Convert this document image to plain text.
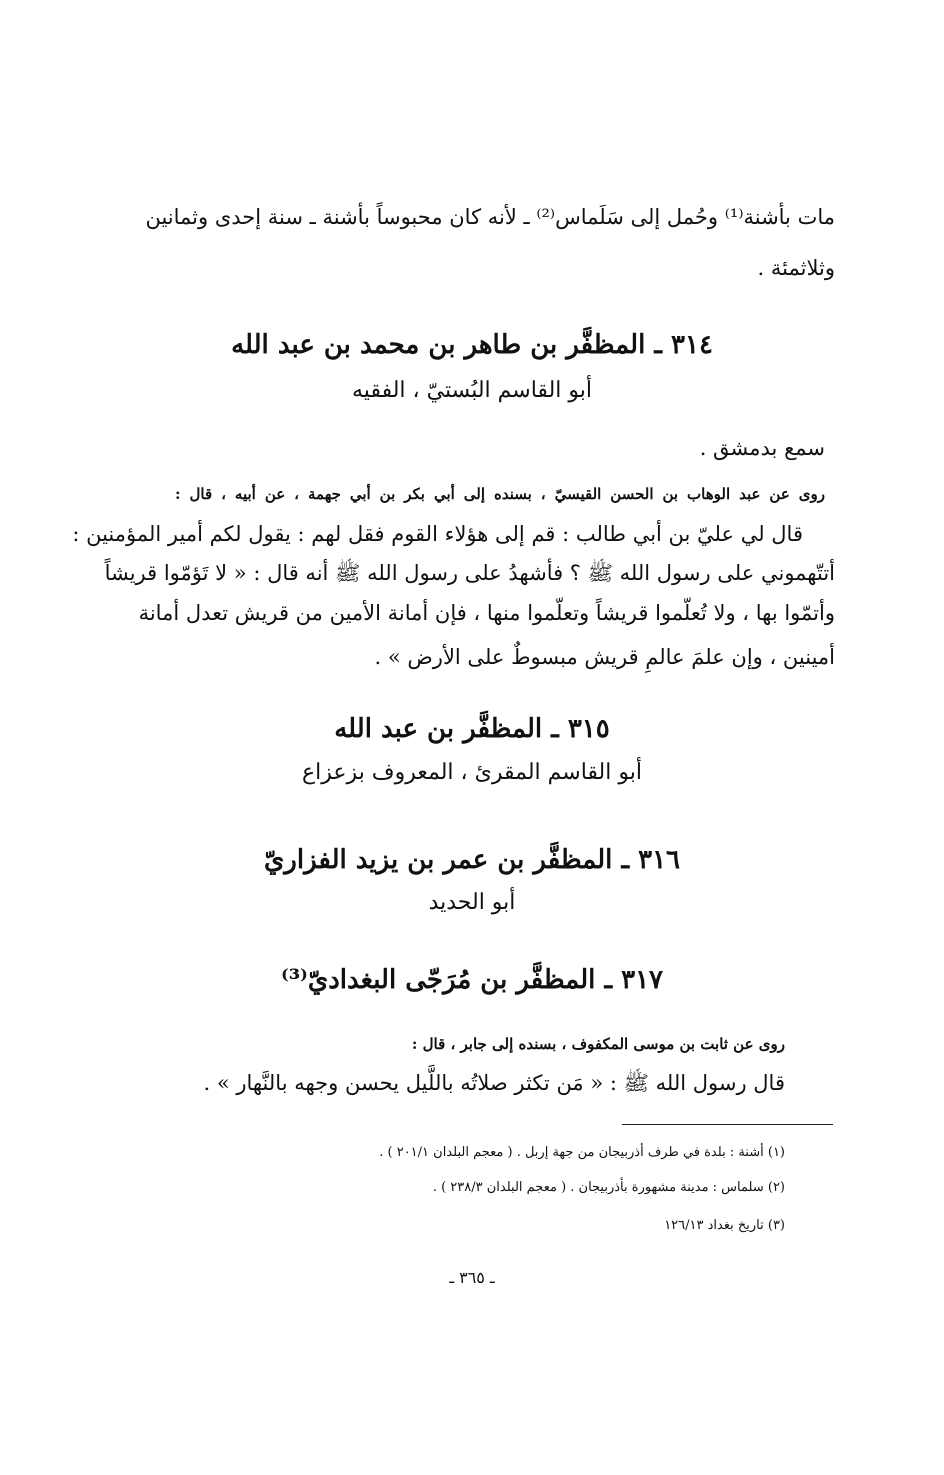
مات بأشنة⁽¹⁾ وحُمل إلى سَلَماس⁽²⁾ ـ لأنه كان محبوساً بأشنة ـ سنة إحدى وثمانين
وثلاثمئة .
٣١٤ ـ المظفَّر بن طاهر بن محمد بن عبد الله
أبو القاسم البُستيّ ، الفقيه
سمع بدمشق .
روى عن عبد الوهاب بن الحسن القيسيّ ، بسنده إلى أبي بكر بن أبي جهمة ، عن أبيه ، قال :
قال لي عليّ بن أبي طالب : قم إلى هؤلاء القوم فقل لهم : يقول لكم أمير المؤمنين :
أتتّهموني على رسول الله ﷺ ؟ فأشهدُ على رسول الله ﷺ أنه قال : « لا تَؤمّوا قريشاً
وأتمّوا بها ، ولا تُعلّموا قريشاً وتعلّموا منها ، فإن أمانة الأمين من قريش تعدل أمانة
أمينين ، وإن علمَ عالمِ قريش مبسوطٌ على الأرض » .
٣١٥ ـ المظفَّر بن عبد الله
أبو القاسم المقرئ ، المعروف بزعزاع
٣١٦ ـ المظفَّر بن عمر بن يزيد الفزاريّ
أبو الحديد
٣١٧ ـ المظفَّر بن مُرَجّى البغداديّ⁽³⁾
روى عن ثابت بن موسى المكفوف ، بسنده إلى جابر ، قال :
قال رسول الله ﷺ : « مَن تكثر صلاتُه باللَّيل يحسن وجهه بالنَّهار » .
(١) أشنة : بلدة في طرف أذربيجان من جهة إربل . ( معجم البلدان ٢٠١/١ ) .
(٢) سلماس : مدينة مشهورة بأذربيجان . ( معجم البلدان ٢٣٨/٣ ) .
(٣) تاريخ بغداد ١٢٦/١٣
ـ ٣٦٥ ـ
